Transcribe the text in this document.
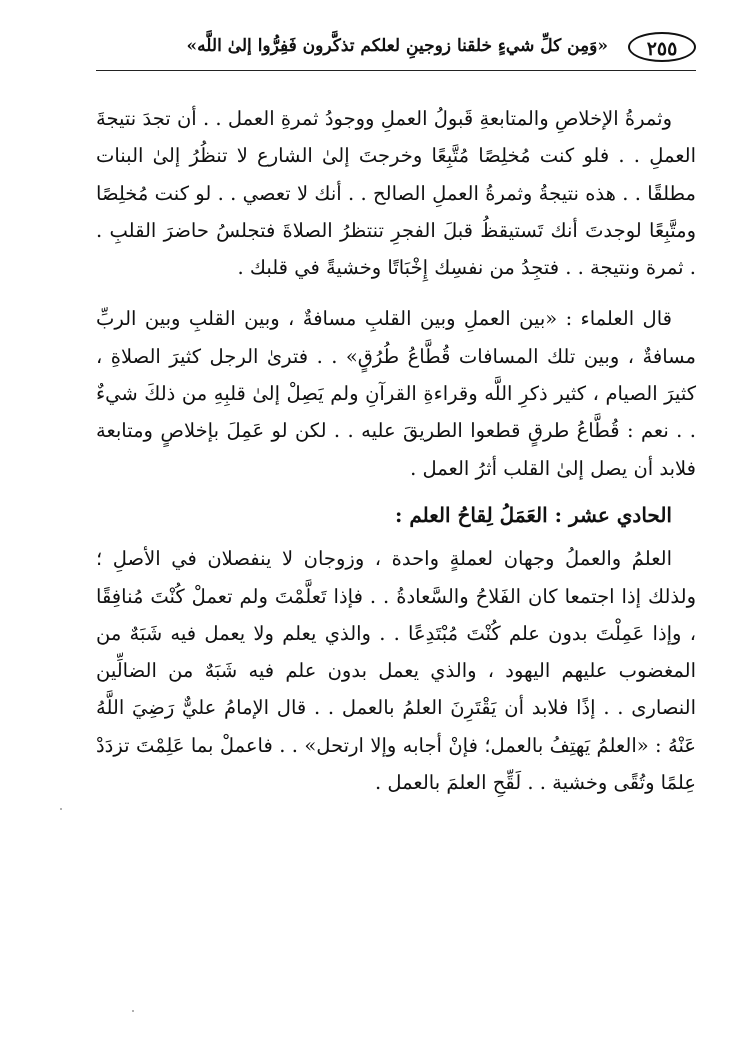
٢٥٥
«وَمِن كلِّ شيءٍ خلقنا زوجينِ لعلكم تذكَّرون فَفِرُّوا إلىٰ اللَّه»

وثمرةُ الإخلاصِ والمتابعةِ قَبولُ العملِ ووجودُ ثمرةِ العمل . . أن تجدَ نتيجةَ العملِ . . فلو كنت مُخلِصًا مُتَّبِعًا وخرجتَ إلىٰ الشارع لا تنظُرُ إلىٰ البنات مطلقًا . . هذه نتيجةُ وثمرةُ العملِ الصالح . . أنك لا تعصي . . لو كنت مُخلِصًا ومتَّبِعًا لوجدتَ أنك تَستيقظُ قبلَ الفجرِ تنتظرُ الصلاةَ فتجلسُ حاضرَ القلبِ . . ثمرة ونتيجة . . فتجِدُ من نفسِك إِخْبَاتًا وخشيةً في قلبك .

قال العلماء : «بين العملِ وبين القلبِ مسافةٌ ، وبين القلبِ وبين الربِّ مسافةٌ ، وبين تلك المسافات قُطَّاعُ طُرُقٍ» . . فترىٰ الرجل كثيرَ الصلاةِ ، كثيرَ الصيام ، كثير ذكرِ اللَّه وقراءةِ القرآنِ ولم يَصِلْ إلىٰ قلبِهِ من ذلكَ شيءٌ . . نعم : قُطَّاعُ طرقٍ قطعوا الطريقَ عليه . . لكن لو عَمِلَ بإخلاصٍ ومتابعة فلابد أن يصل إلىٰ القلب أثرُ العمل .

الحادي عشر : العَمَلُ لِقاحُ العلم :

العلمُ والعملُ وجهان لعملةٍ واحدة ، وزوجان لا ينفصلان في الأصلِ ؛ ولذلك إذا اجتمعا كان الفَلاحُ والسَّعادةُ . . فإذا تَعلَّمْتَ ولم تعملْ كُنْتَ مُنافِقًا ، وإذا عَمِلْتَ بدون علم كُنْتَ مُبْتَدِعًا . . والذي يعلم ولا يعمل فيه شَبَهٌ من المغضوب عليهم اليهود ، والذي يعمل بدون علم فيه شَبَهٌ من الضالِّين النصارى . . إذًا فلابد أن يَقْتَرِنَ العلمُ بالعمل . . قال الإمامُ عليٌّ رَضِيَ اللَّهُ عَنْهُ : «العلمُ يَهتِفُ بالعمل؛ فإنْ أجابه وإلا ارتحل» . . فاعملْ بما عَلِمْتَ تزدَدْ عِلمًا وتُقًى وخشية . . لَقِّحِ العلمَ بالعمل .
